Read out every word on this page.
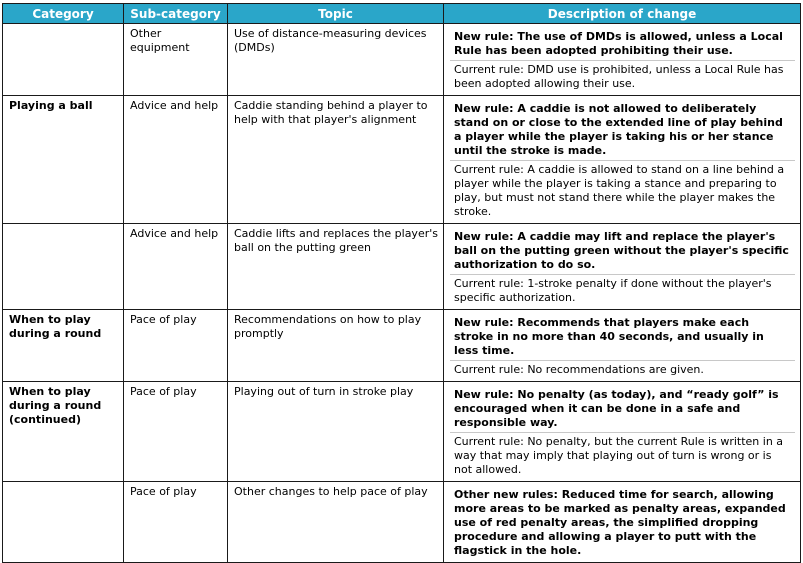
Category	Sub-category	Topic	Description of change
	Other equipment	Use of distance-measuring devices (DMDs)	New rule: The use of DMDs is allowed, unless a Local Rule has been adopted prohibiting their use.
Current rule: DMD use is prohibited, unless a Local Rule has been adopted allowing their use.

Playing a ball	Advice and help	Caddie standing behind a player to help with that player's alignment	New rule: A caddie is not allowed to deliberately stand on or close to the extended line of play behind a player while the player is taking his or her stance until the stroke is made.
Current rule: A caddie is allowed to stand on a line behind a player while the player is taking a stance and preparing to play, but must not stand there while the player makes the stroke.

	Advice and help	Caddie lifts and replaces the player's ball on the putting green	New rule: A caddie may lift and replace the player's ball on the putting green without the player's specific authorization to do so.
Current rule: 1-stroke penalty if done without the player's specific authorization.

When to play during a round	Pace of play	Recommendations on how to play promptly	New rule: Recommends that players make each stroke in no more than 40 seconds, and usually in less time.
Current rule: No recommendations are given.

When to play during a round (continued)	Pace of play	Playing out of turn in stroke play	New rule: No penalty (as today), and “ready golf” is encouraged when it can be done in a safe and responsible way.
Current rule: No penalty, but the current Rule is written in a way that may imply that playing out of turn is wrong or is not allowed.

	Pace of play	Other changes to help pace of play	Other new rules: Reduced time for search, allowing more areas to be marked as penalty areas, expanded use of red penalty areas, the simplified dropping procedure and allowing a player to putt with the flagstick in the hole.
